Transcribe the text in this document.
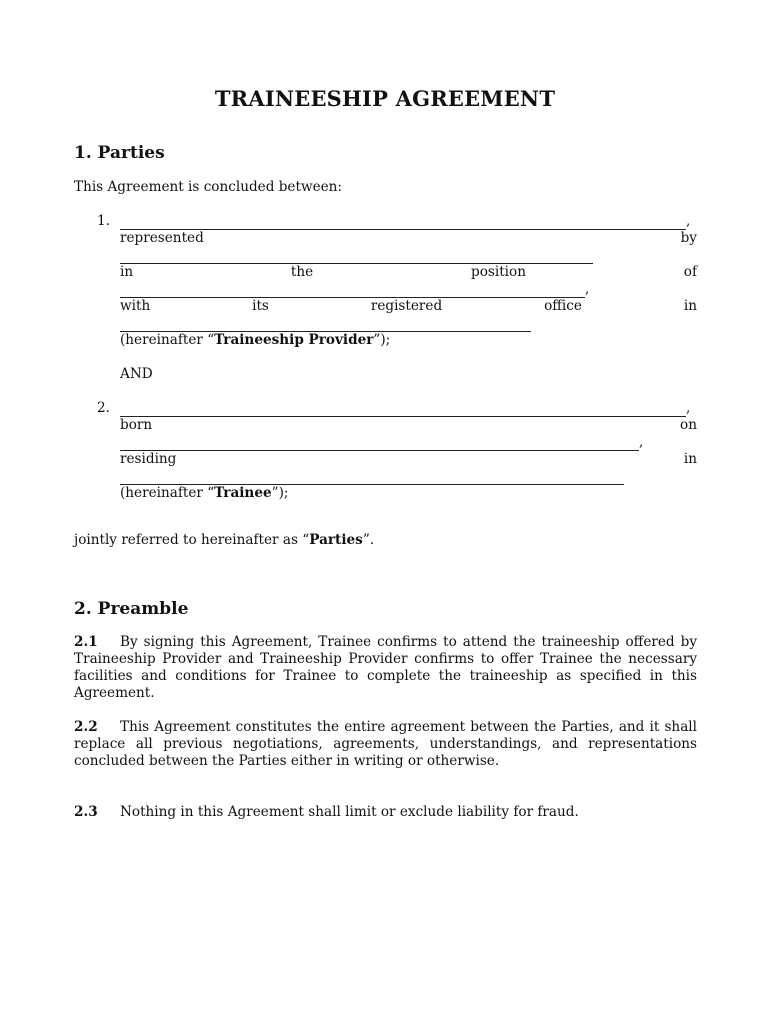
TRAINEESHIP AGREEMENT
1. Parties
This Agreement is concluded between:
1.	,
represented	by
in	the	position	of
,
with	its	registered	office	in
(hereinafter “Traineeship Provider”);
AND
2.	,
born	on
,
residing	in
(hereinafter “Trainee”);
jointly referred to hereinafter as “Parties”.
2. Preamble
2.1 By signing this Agreement, Trainee confirms to attend the traineeship offered by Traineeship Provider and Traineeship Provider confirms to offer Trainee the necessary facilities and conditions for Trainee to complete the traineeship as specified in this Agreement.
2.2 This Agreement constitutes the entire agreement between the Parties, and it shall replace all previous negotiations, agreements, understandings, and representations concluded between the Parties either in writing or otherwise.
2.3 Nothing in this Agreement shall limit or exclude liability for fraud.
